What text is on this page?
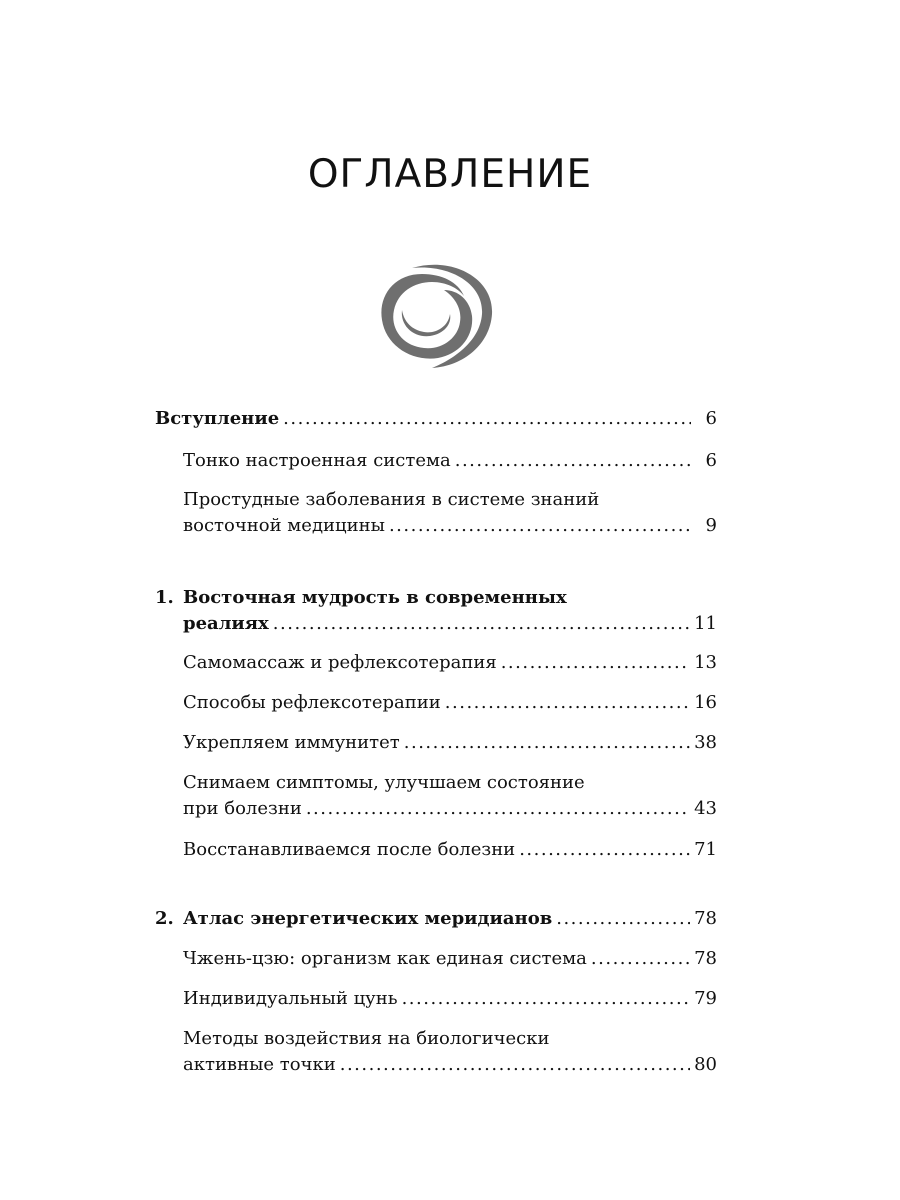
ОГЛАВЛЕНИЕ
Вступление .....	6
Тонко настроенная система .....	6
Простудные заболевания в системе знаний
восточной медицины .....	9
1. Восточная мудрость в современных
реалиях .....	11
Самомассаж и рефлексотерапия .....	13
Способы рефлексотерапии .....	16
Укрепляем иммунитет .....	38
Снимаем симптомы, улучшаем состояние
при болезни .....	43
Восстанавливаемся после болезни .....	71
2. Атлас энергетических меридианов .....	78
Чжень-цзю: организм как единая система .....	78
Индивидуальный цунь .....	79
Методы воздействия на биологически
активные точки .....	80
